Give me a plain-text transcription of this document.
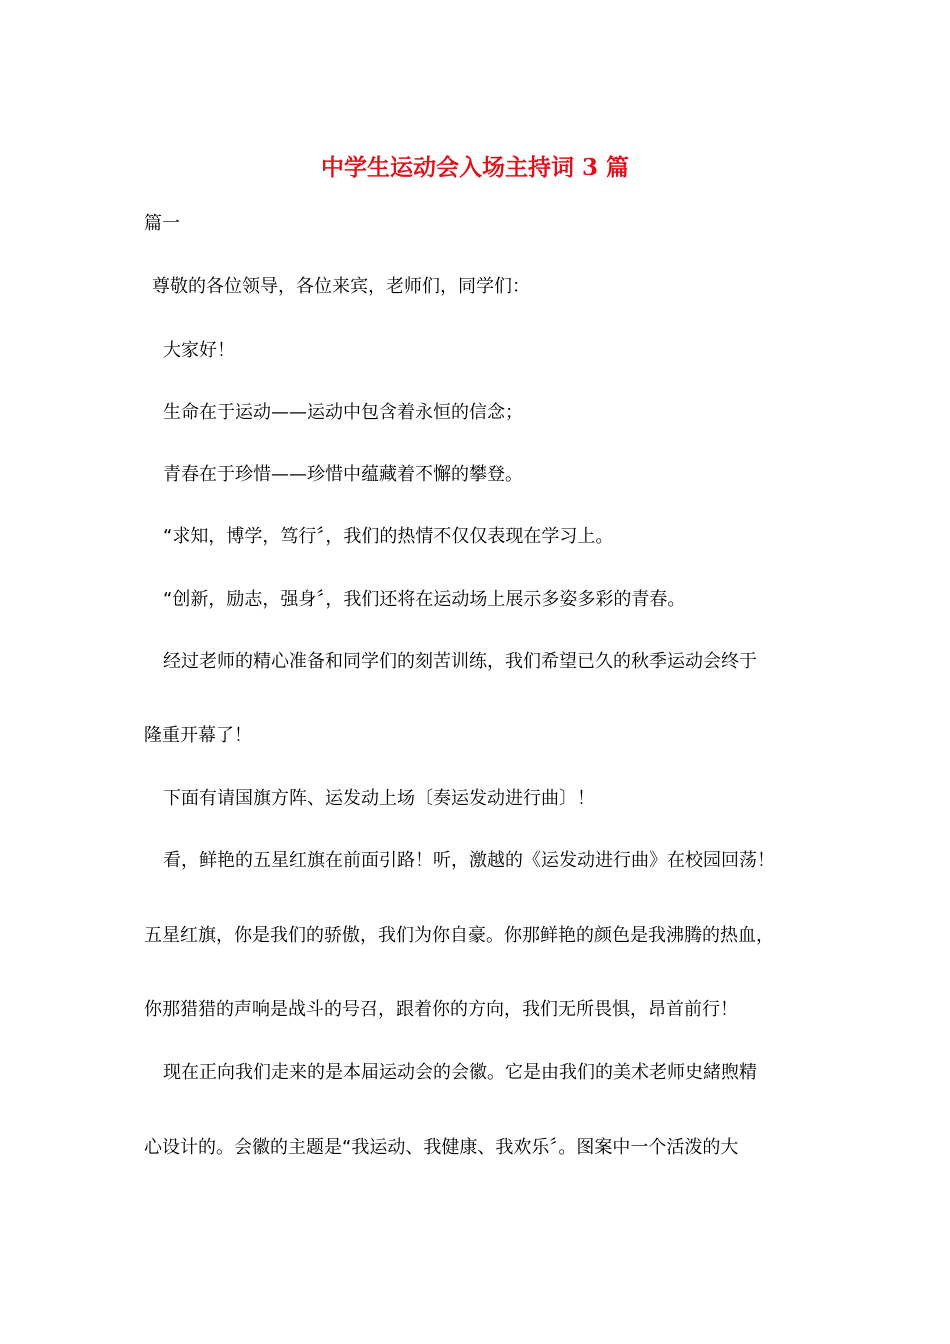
中学生运动会入场主持词 3 篇
篇一
尊敬的各位领导，各位来宾，老师们，同学们：
大家好！
生命在于运动——运动中包含着永恒的信念；
青春在于珍惜——珍惜中蕴藏着不懈的攀登。
“求知，博学，笃行〞，我们的热情不仅仅表现在学习上。
“创新，励志，强身〞，我们还将在运动场上展示多姿多彩的青春。
经过老师的精心准备和同学们的刻苦训练，我们希望已久的秋季运动会终于
隆重开幕了！
下面有请国旗方阵、运发动上场〔奏运发动进行曲〕！
看，鲜艳的五星红旗在前面引路！听，激越的《运发动进行曲》在校园回荡！
五星红旗，你是我们的骄傲，我们为你自豪。你那鲜艳的颜色是我沸腾的热血，
你那猎猎的声响是战斗的号召，跟着你的方向，我们无所畏惧，昂首前行！
现在正向我们走来的是本届运动会的会徽。它是由我们的美术老师史緒煦精
心设计的。会徽的主题是“我运动、我健康、我欢乐〞。图案中一个活泼的大
